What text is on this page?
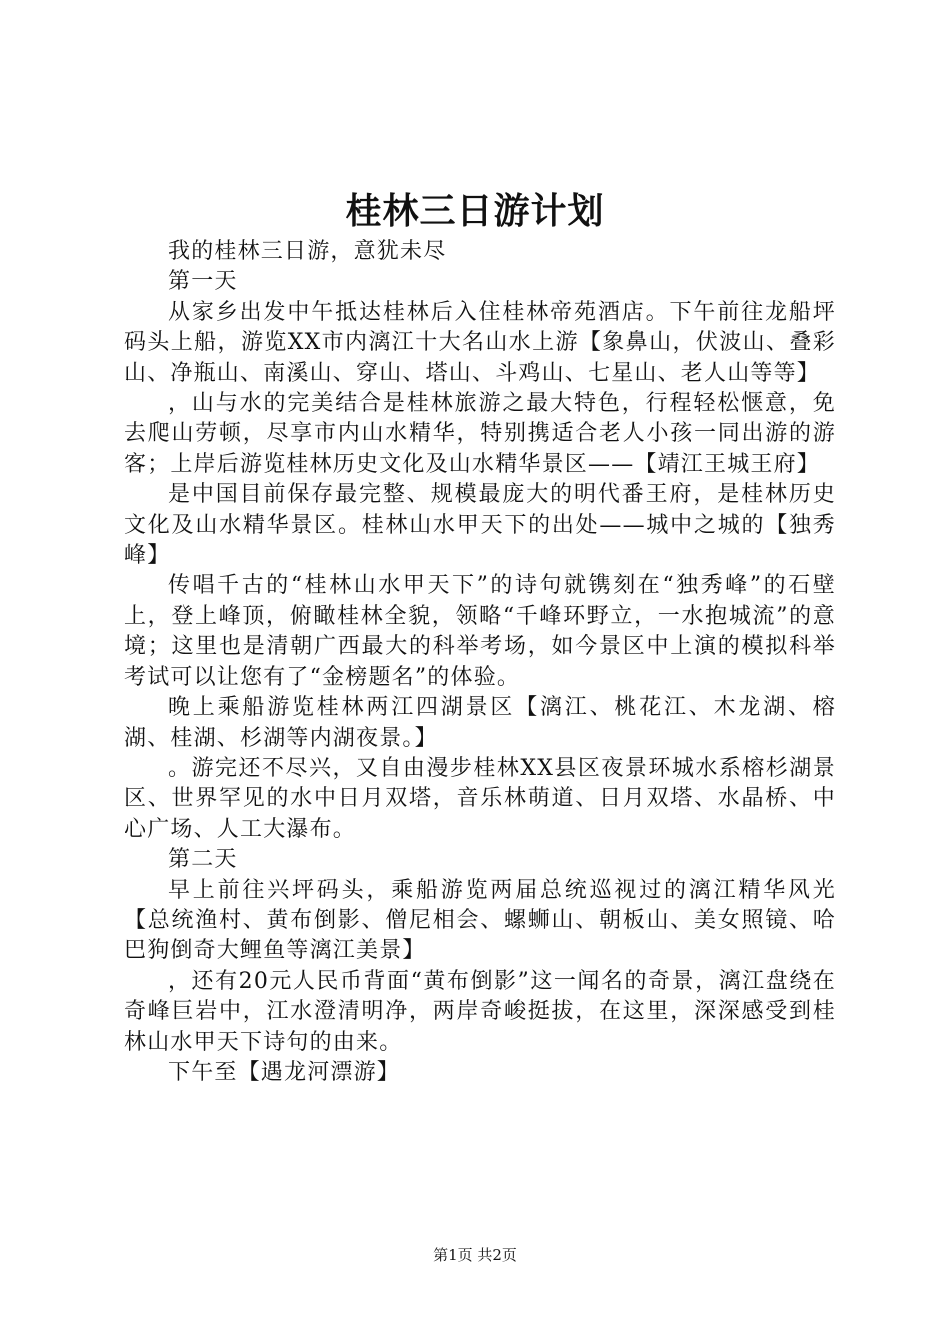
桂林三日游计划

我的桂林三日游，意犹未尽

第一天

从家乡出发中午抵达桂林后入住桂林帝苑酒店。下午前往龙船坪码头上船，游览XX市内漓江十大名山水上游【象鼻山，伏波山、叠彩山、净瓶山、南溪山、穿山、塔山、斗鸡山、七星山、老人山等等】

，山与水的完美结合是桂林旅游之最大特色，行程轻松惬意，免去爬山劳顿，尽享市内山水精华，特别携适合老人小孩一同出游的游客；上岸后游览桂林历史文化及山水精华景区——【靖江王城王府】

是中国目前保存最完整、规模最庞大的明代番王府，是桂林历史文化及山水精华景区。桂林山水甲天下的出处——城中之城的【独秀峰】

传唱千古的“桂林山水甲天下”的诗句就镌刻在“独秀峰”的石壁上，登上峰顶，俯瞰桂林全貌，领略“千峰环野立，一水抱城流”的意境；这里也是清朝广西最大的科举考场，如今景区中上演的模拟科举考试可以让您有了“金榜题名”的体验。

晚上乘船游览桂林两江四湖景区【漓江、桃花江、木龙湖、榕湖、桂湖、杉湖等内湖夜景。】

。游完还不尽兴，又自由漫步桂林XX县区夜景环城水系榕杉湖景区、世界罕见的水中日月双塔，音乐林萌道、日月双塔、水晶桥、中心广场、人工大瀑布。

第二天

早上前往兴坪码头，乘船游览两届总统巡视过的漓江精华风光【总统渔村、黄布倒影、僧尼相会、螺蛳山、朝板山、美女照镜、哈巴狗倒奇大鲤鱼等漓江美景】

，还有20元人民币背面“黄布倒影”这一闻名的奇景，漓江盘绕在奇峰巨岩中，江水澄清明净，两岸奇峻挺拔，在这里，深深感受到桂林山水甲天下诗句的由来。

下午至【遇龙河漂游】

第1页 共2页
